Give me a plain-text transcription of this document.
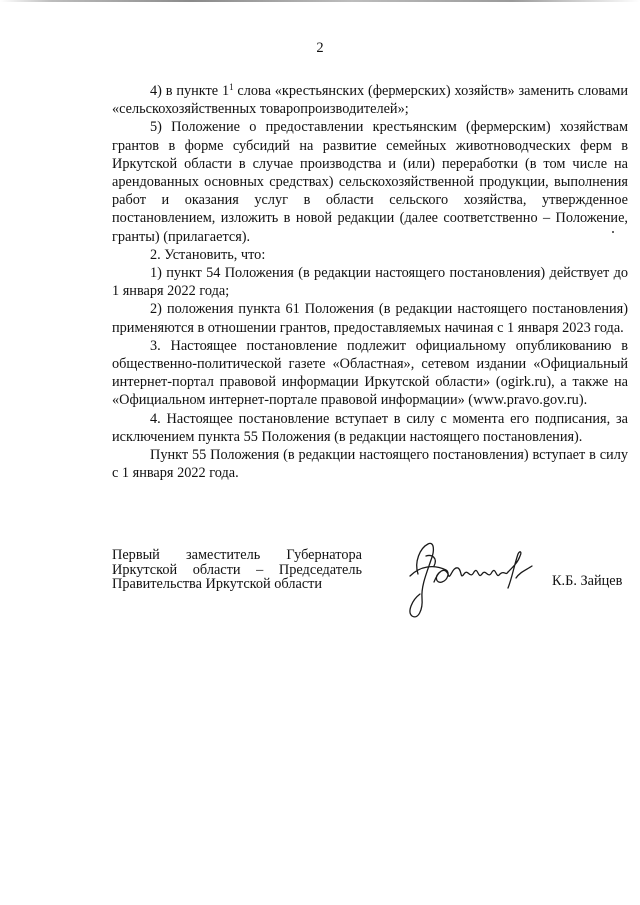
2

4) в пункте $1^1$ слова «крестьянских (фермерских) хозяйств» заменить словами «сельскохозяйственных товаропроизводителей»;

5) Положение о предоставлении крестьянским (фермерским) хозяйствам грантов в форме субсидий на развитие семейных животноводческих ферм в Иркутской области в случае производства и (или) переработки (в том числе на арендованных основных средствах) сельскохозяйственной продукции, выполнения работ и оказания услуг в области сельского хозяйства, утвержденное постановлением, изложить в новой редакции (далее соответственно – Положение, гранты) (прилагается).

2. Установить, что:

1) пункт 54 Положения (в редакции настоящего постановления) действует до 1 января 2022 года;

2) положения пункта 61 Положения (в редакции настоящего постановления) применяются в отношении грантов, предоставляемых начиная с 1 января 2023 года.

3. Настоящее постановление подлежит официальному опубликованию в общественно-политической газете «Областная», сетевом издании «Официальный интернет-портал правовой информации Иркутской области» (ogirk.ru), а также на «Официальном интернет-портале правовой информации» (www.pravo.gov.ru).

4. Настоящее постановление вступает в силу с момента его подписания, за исключением пункта 55 Положения (в редакции настоящего постановления).

Пункт 55 Положения (в редакции настоящего постановления) вступает в силу с 1 января 2022 года.

Первый заместитель Губернатора
Иркутской области – Председатель
Правительства Иркутской области	К.Б. Зайцев
